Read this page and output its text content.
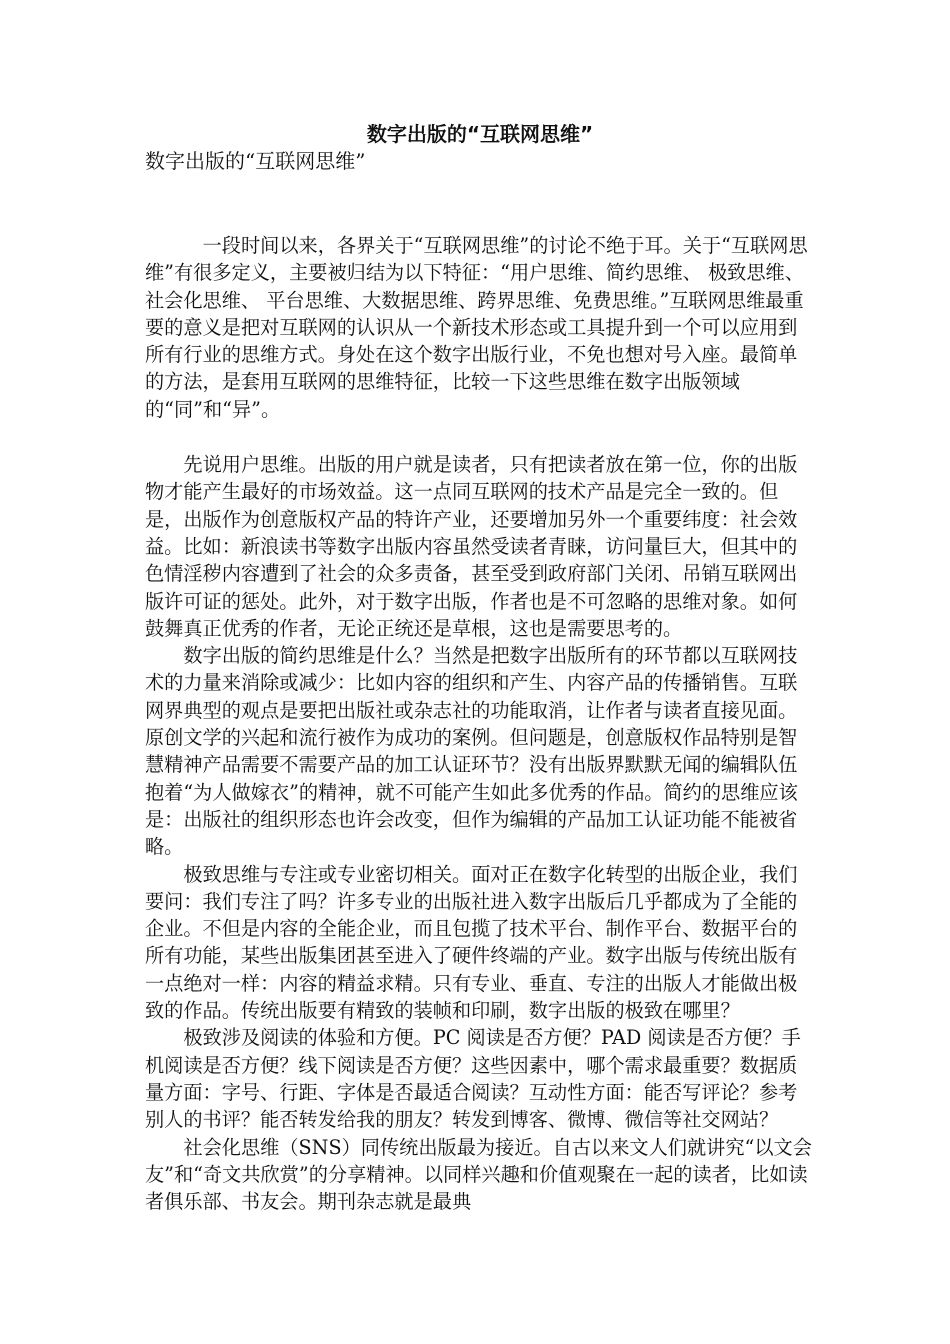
数字出版的“互联网思维”

数字出版的“互联网思维”

一段时间以来，各界关于“互联网思维”的讨论不绝于耳。关于“互联网思维”有很多定义，主要被归结为以下特征：“用户思维、简约思维、 极致思维、 社会化思维、 平台思维、大数据思维、跨界思维、免费思维。”互联网思维最重要的意义是把对互联网的认识从一个新技术形态或工具提升到一个可以应用到所有行业的思维方式。身处在这个数字出版行业，不免也想对号入座。最简单的方法，是套用互联网的思维特征，比较一下这些思维在数字出版领域的“同”和“异”。

先说用户思维。出版的用户就是读者，只有把读者放在第一位，你的出版物才能产生最好的市场效益。这一点同互联网的技术产品是完全一致的。但是，出版作为创意版权产品的特许产业，还要增加另外一个重要纬度：社会效益。比如：新浪读书等数字出版内容虽然受读者青睐，访问量巨大，但其中的色情淫秽内容遭到了社会的众多责备，甚至受到政府部门关闭、吊销互联网出版许可证的惩处。此外，对于数字出版，作者也是不可忽略的思维对象。如何鼓舞真正优秀的作者，无论正统还是草根，这也是需要思考的。

数字出版的简约思维是什么？当然是把数字出版所有的环节都以互联网技术的力量来消除或减少：比如内容的组织和产生、内容产品的传播销售。互联网界典型的观点是要把出版社或杂志社的功能取消，让作者与读者直接见面。原创文学的兴起和流行被作为成功的案例。但问题是，创意版权作品特别是智慧精神产品需要不需要产品的加工认证环节？没有出版界默默无闻的编辑队伍抱着“为人做嫁衣”的精神，就不可能产生如此多优秀的作品。简约的思维应该是：出版社的组织形态也许会改变，但作为编辑的产品加工认证功能不能被省略。

极致思维与专注或专业密切相关。面对正在数字化转型的出版企业，我们要问：我们专注了吗？许多专业的出版社进入数字出版后几乎都成为了全能的企业。不但是内容的全能企业，而且包揽了技术平台、制作平台、数据平台的所有功能，某些出版集团甚至进入了硬件终端的产业。数字出版与传统出版有一点绝对一样：内容的精益求精。只有专业、垂直、专注的出版人才能做出极致的作品。传统出版要有精致的装帧和印刷，数字出版的极致在哪里？

极致涉及阅读的体验和方便。PC 阅读是否方便？PAD 阅读是否方便？手机阅读是否方便？线下阅读是否方便？这些因素中，哪个需求最重要？数据质量方面：字号、行距、字体是否最适合阅读？互动性方面：能否写评论？参考别人的书评？能否转发给我的朋友？转发到博客、微博、微信等社交网站？

社会化思维（SNS）同传统出版最为接近。自古以来文人们就讲究“以文会友”和“奇文共欣赏”的分享精神。以同样兴趣和价值观聚在一起的读者，比如读者俱乐部、书友会。期刊杂志就是最典
